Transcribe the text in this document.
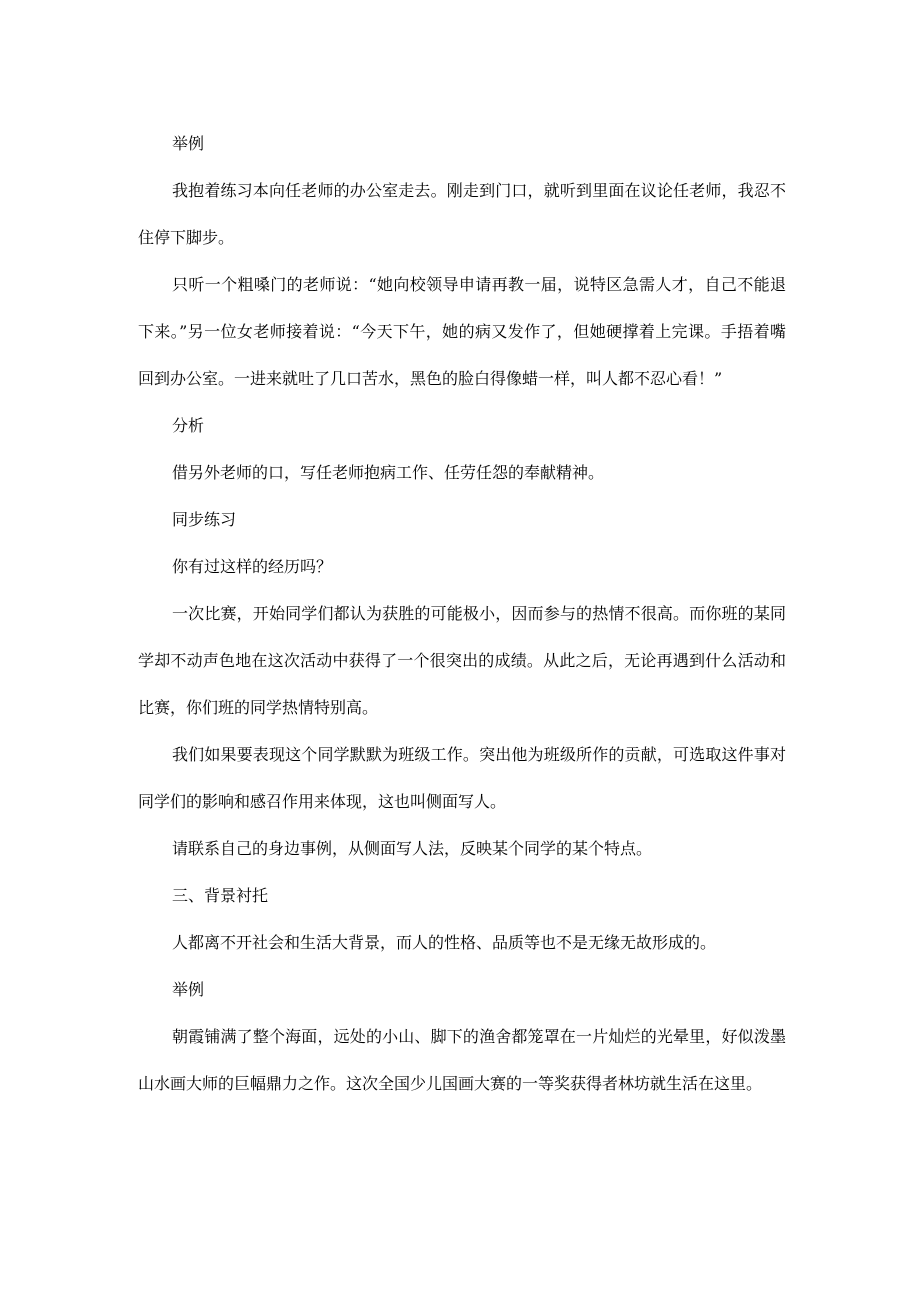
举例

我抱着练习本向任老师的办公室走去。刚走到门口，就听到里面在议论任老师，我忍不住停下脚步。

只听一个粗嗓门的老师说：“她向校领导申请再教一届，说特区急需人才，自己不能退下来。”另一位女老师接着说：“今天下午，她的病又发作了，但她硬撑着上完课。手捂着嘴回到办公室。一进来就吐了几口苦水，黑色的脸白得像蜡一样，叫人都不忍心看！”

分析

借另外老师的口，写任老师抱病工作、任劳任怨的奉献精神。

同步练习

你有过这样的经历吗？

一次比赛，开始同学们都认为获胜的可能极小，因而参与的热情不很高。而你班的某同学却不动声色地在这次活动中获得了一个很突出的成绩。从此之后，无论再遇到什么活动和比赛，你们班的同学热情特别高。

我们如果要表现这个同学默默为班级工作。突出他为班级所作的贡献，可选取这件事对同学们的影响和感召作用来体现，这也叫侧面写人。

请联系自己的身边事例，从侧面写人法，反映某个同学的某个特点。

三、背景衬托

人都离不开社会和生活大背景，而人的性格、品质等也不是无缘无故形成的。

举例

朝霞铺满了整个海面，远处的小山、脚下的渔舍都笼罩在一片灿烂的光晕里，好似泼墨山水画大师的巨幅鼎力之作。这次全国少儿国画大赛的一等奖获得者林坊就生活在这里。
